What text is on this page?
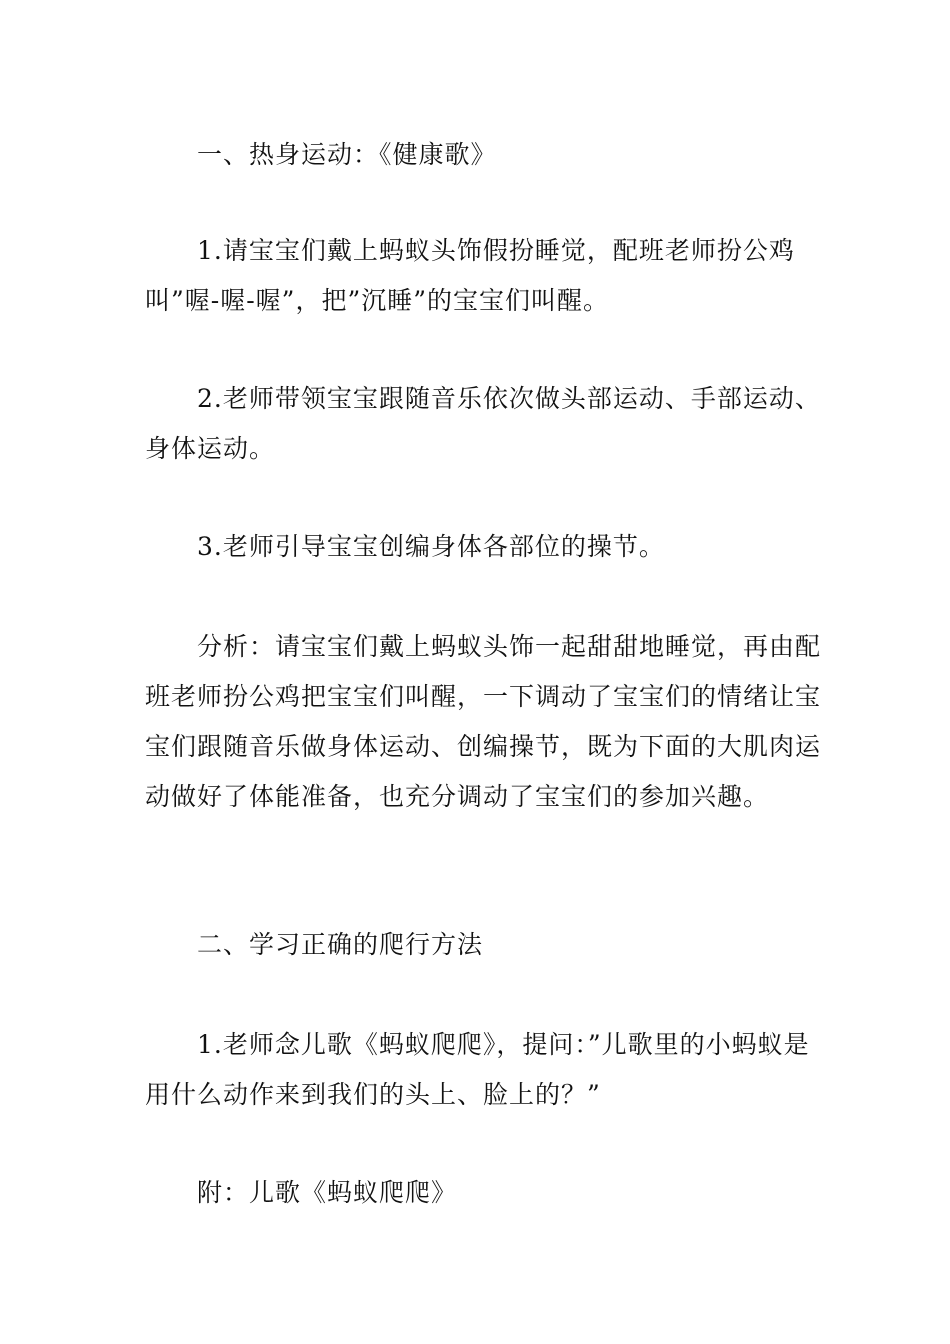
一、热身运动：《健康歌》

1.请宝宝们戴上蚂蚁头饰假扮睡觉，配班老师扮公鸡叫”喔-喔-喔”，把”沉睡”的宝宝们叫醒。

2.老师带领宝宝跟随音乐依次做头部运动、手部运动、身体运动。

3.老师引导宝宝创编身体各部位的操节。

分析：请宝宝们戴上蚂蚁头饰一起甜甜地睡觉，再由配班老师扮公鸡把宝宝们叫醒，一下调动了宝宝们的情绪让宝宝们跟随音乐做身体运动、创编操节，既为下面的大肌肉运动做好了体能准备，也充分调动了宝宝们的参加兴趣。

二、学习正确的爬行方法

1.老师念儿歌《蚂蚁爬爬》，提问：”儿歌里的小蚂蚁是用什么动作来到我们的头上、脸上的？”

附：儿歌《蚂蚁爬爬》
